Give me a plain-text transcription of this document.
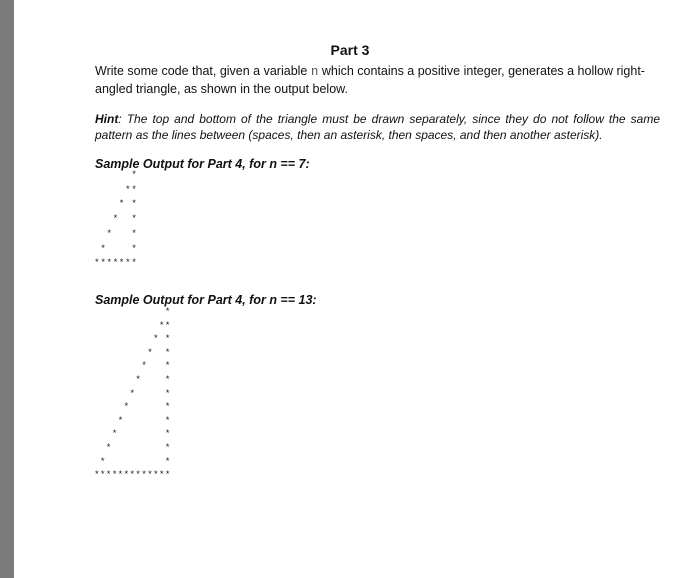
Part 3
Write some code that, given a variable n which contains a positive integer, generates a hollow right-angled triangle, as shown in the output below.
Hint: The top and bottom of the triangle must be drawn separately, since they do not follow the same pattern as the lines between (spaces, then an asterisk, then spaces, and then another asterisk).
Sample Output for Part 4, for n == 7:
*
**
* *
*  *
*   *
*    *
*******
Sample Output for Part 4, for n == 13:
*
**
* *
*  *
*   *
*    *
*     *
*      *
*       *
*        *
*         *
*          *
*************
